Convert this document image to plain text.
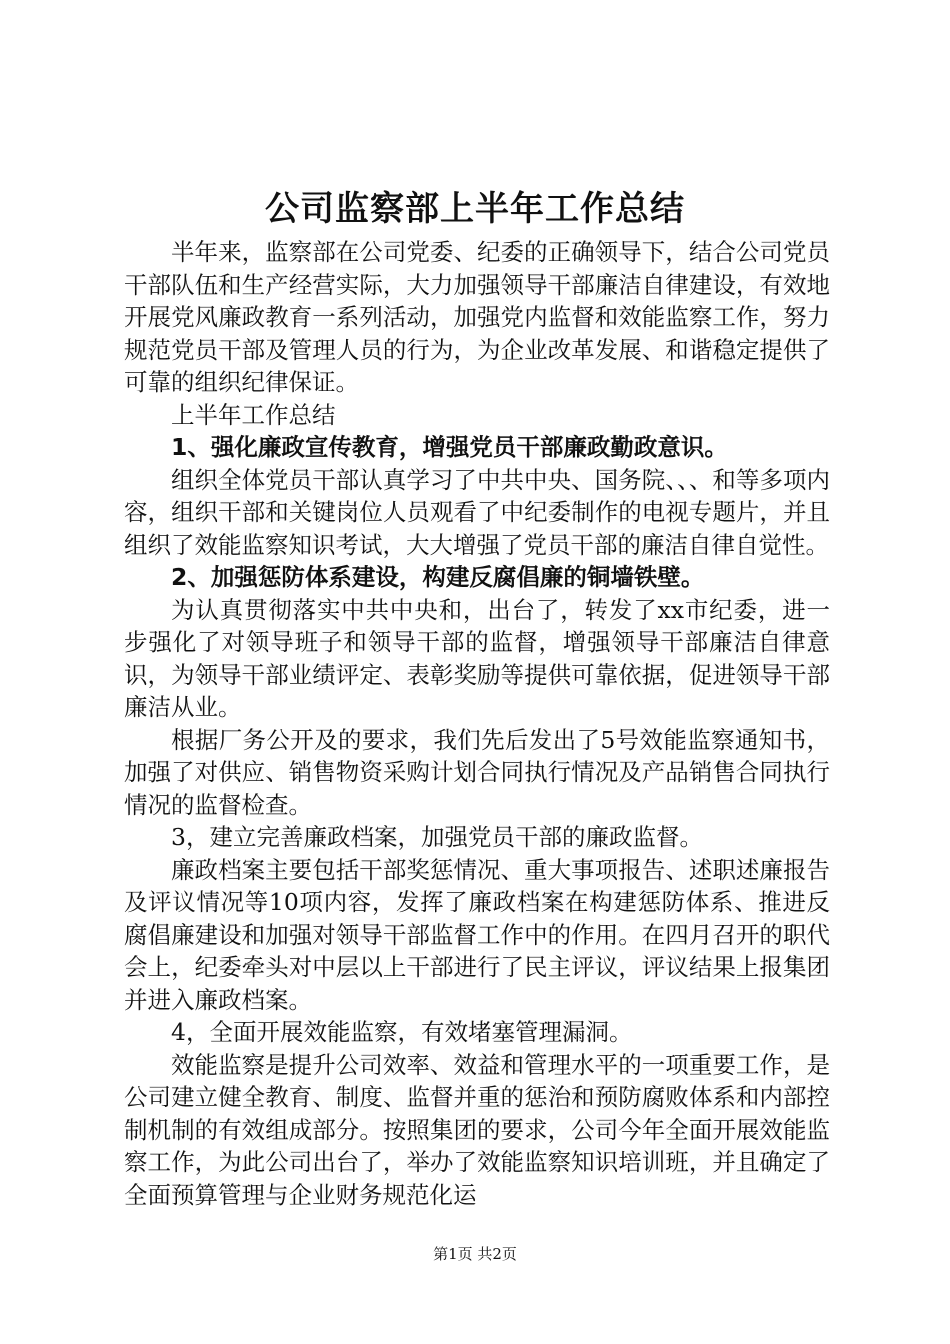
公司监察部上半年工作总结

半年来，监察部在公司党委、纪委的正确领导下，结合公司党员干部队伍和生产经营实际，大力加强领导干部廉洁自律建设，有效地开展党风廉政教育一系列活动，加强党内监督和效能监察工作，努力规范党员干部及管理人员的行为，为企业改革发展、和谐稳定提供了可靠的组织纪律保证。

上半年工作总结

1、强化廉政宣传教育，增强党员干部廉政勤政意识。

组织全体党员干部认真学习了中共中央、国务院、、、和等多项内容，组织干部和关键岗位人员观看了中纪委制作的电视专题片，并且组织了效能监察知识考试，大大增强了党员干部的廉洁自律自觉性。

2、加强惩防体系建设，构建反腐倡廉的铜墙铁壁。

为认真贯彻落实中共中央和，出台了，转发了xx市纪委，进一步强化了对领导班子和领导干部的监督，增强领导干部廉洁自律意识，为领导干部业绩评定、表彰奖励等提供可靠依据，促进领导干部廉洁从业。

根据厂务公开及的要求，我们先后发出了5号效能监察通知书，加强了对供应、销售物资采购计划合同执行情况及产品销售合同执行情况的监督检查。

3，建立完善廉政档案，加强党员干部的廉政监督。

廉政档案主要包括干部奖惩情况、重大事项报告、述职述廉报告及评议情况等10项内容，发挥了廉政档案在构建惩防体系、推进反腐倡廉建设和加强对领导干部监督工作中的作用。在四月召开的职代会上，纪委牵头对中层以上干部进行了民主评议，评议结果上报集团并进入廉政档案。

4，全面开展效能监察，有效堵塞管理漏洞。

效能监察是提升公司效率、效益和管理水平的一项重要工作，是公司建立健全教育、制度、监督并重的惩治和预防腐败体系和内部控制机制的有效组成部分。按照集团的要求，公司今年全面开展效能监察工作，为此公司出台了，举办了效能监察知识培训班，并且确定了全面预算管理与企业财务规范化运

第1页 共2页
